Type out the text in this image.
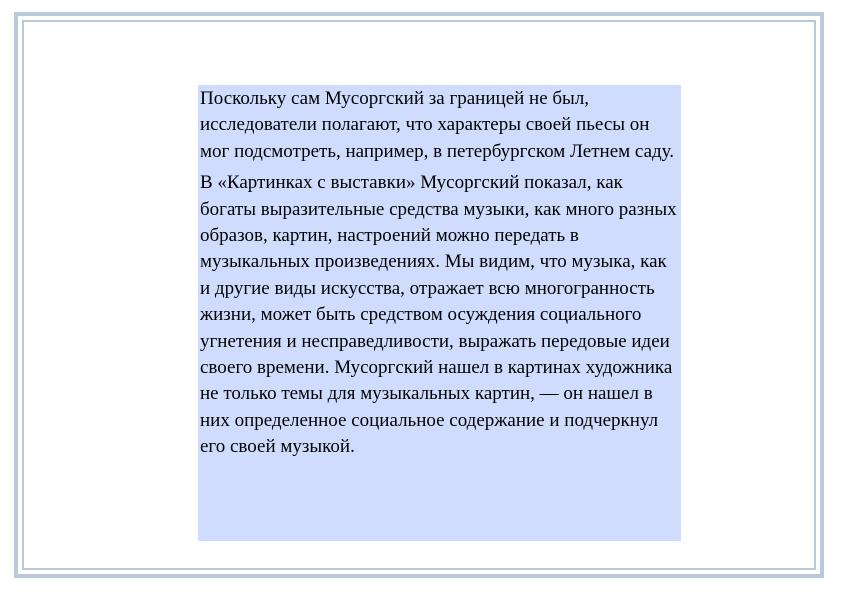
Поскольку сам Мусоргский за границей не был, исследователи полагают, что характеры своей пьесы он мог подсмотреть, например, в петербургском Летнем саду.

В «Картинках с выставки» Мусоргский показал, как богаты выразительные средства музыки, как много разных образов, картин, настроений можно передать в музыкальных произведениях. Мы видим, что музыка, как и другие виды искусства, отражает всю многогранность жизни, может быть средством осуждения социального угнетения и несправедливости, выражать передовые идеи своего времени. Мусоргский нашел в картинах художника не только темы для музыкальных картин, — он нашел в них определенное социальное содержание и подчеркнул его своей музыкой.
